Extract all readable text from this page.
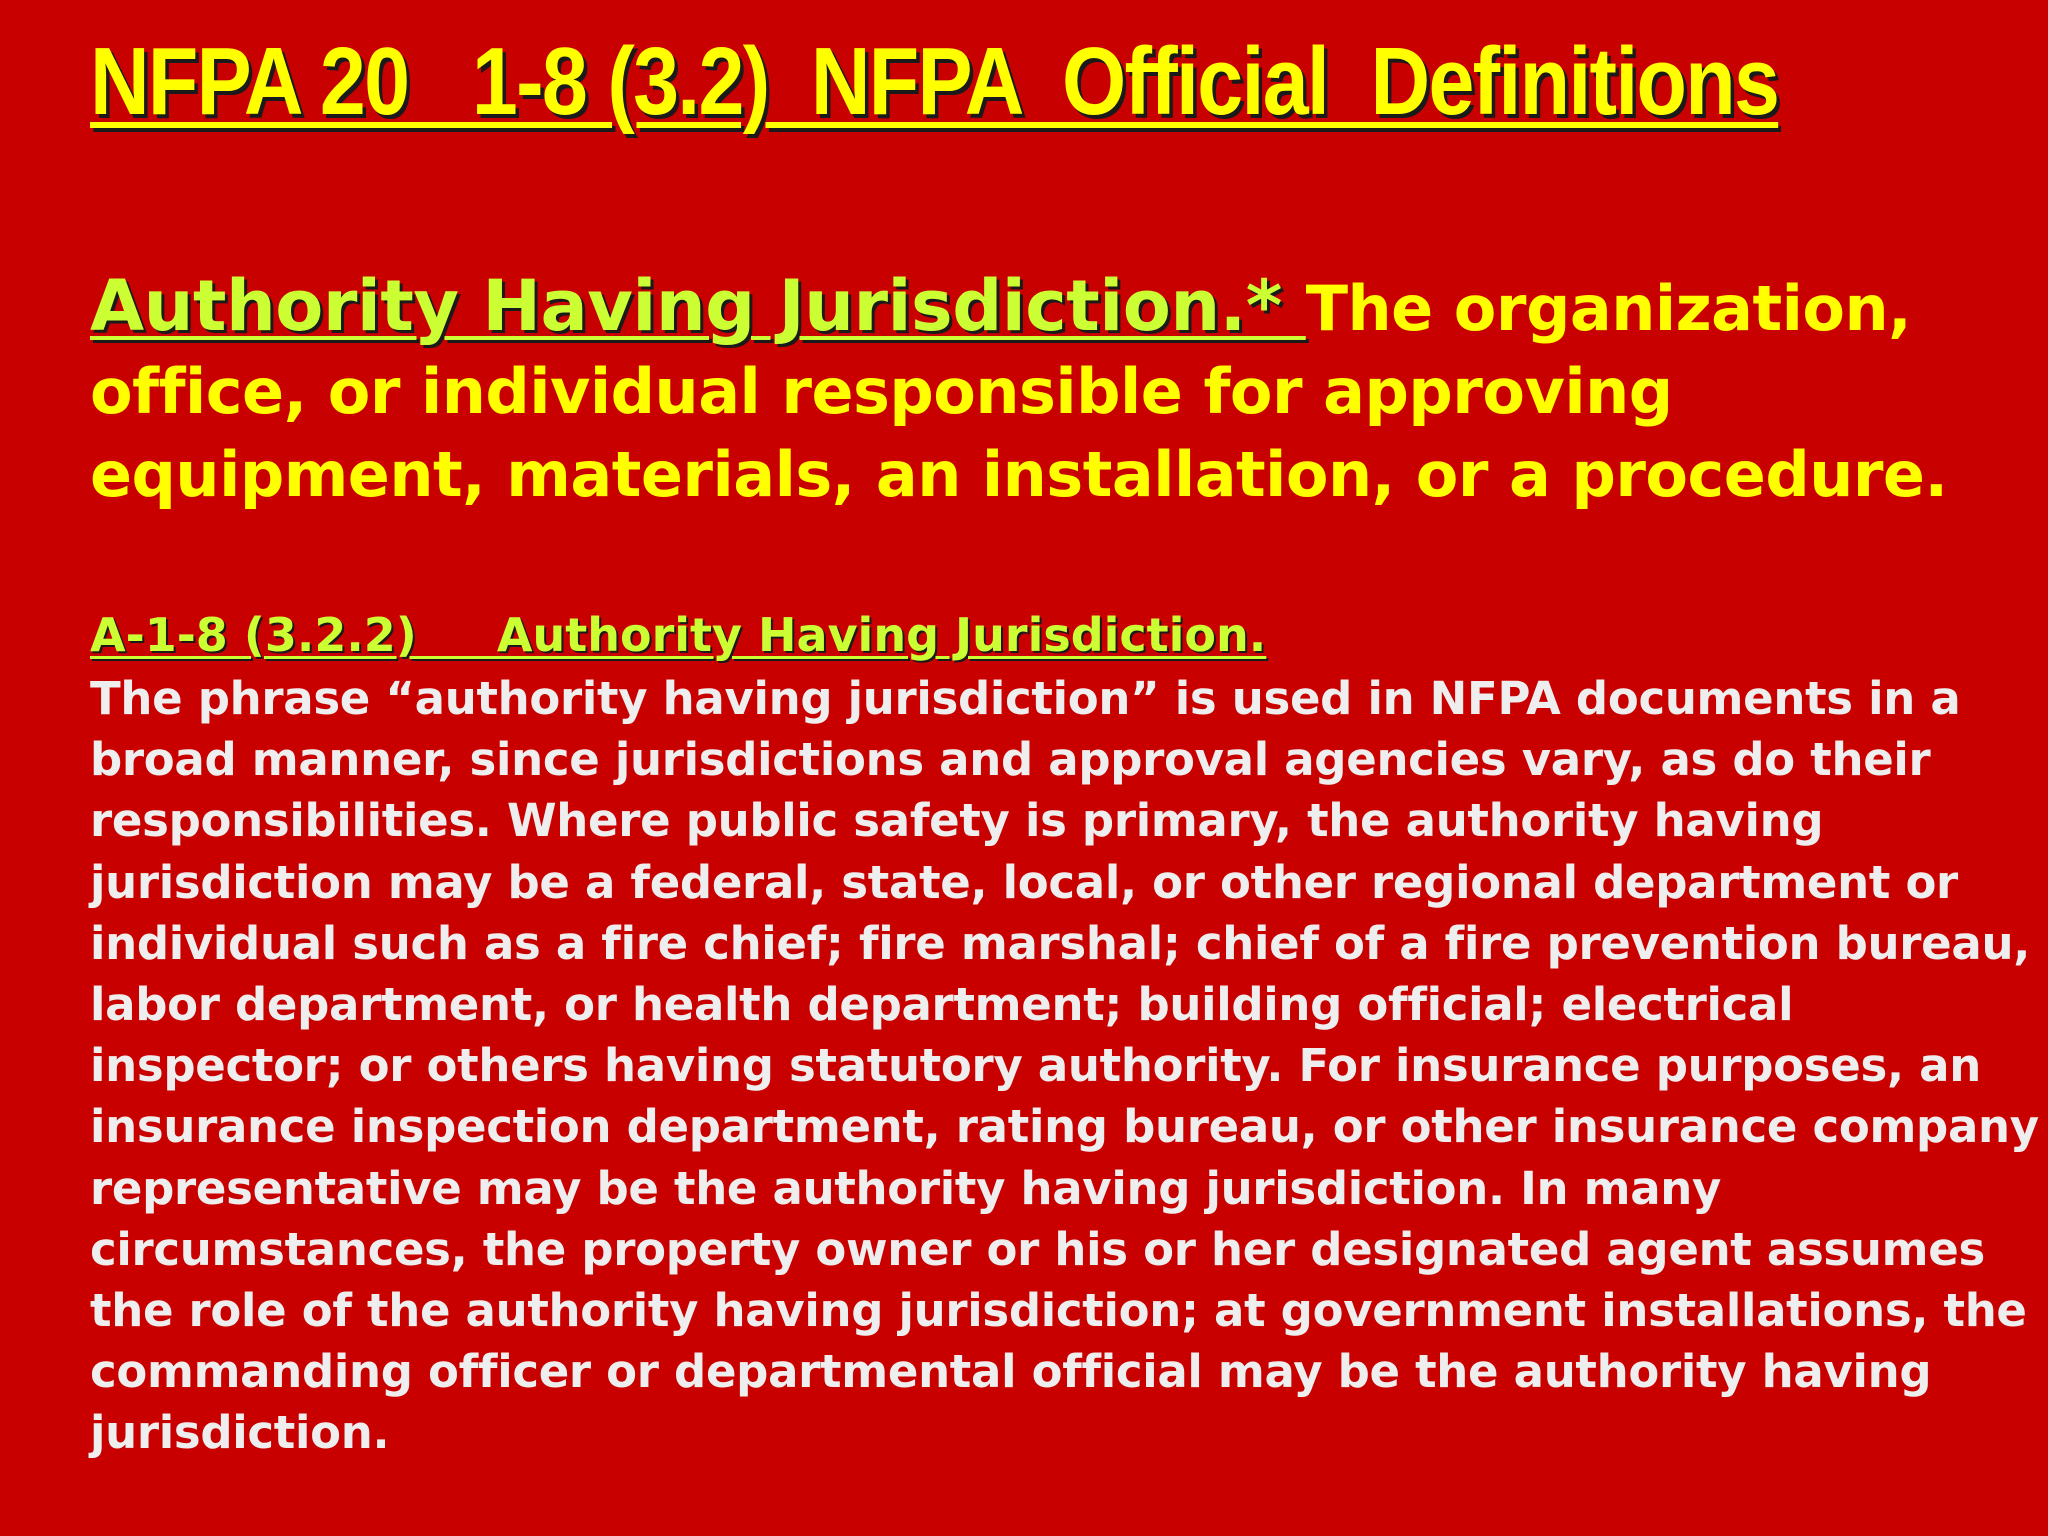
NFPA 20   1-8 (3.2)  NFPA  Official  Definitions

Authority Having Jurisdiction.* The organization, office, or individual responsible for approving equipment, materials, an installation, or a procedure.

A-1-8 (3.2.2)     Authority Having Jurisdiction.

The phrase “authority having jurisdiction” is used in NFPA documents in a broad manner, since jurisdictions and approval agencies vary, as do their responsibilities. Where public safety is primary, the authority having jurisdiction may be a federal, state, local, or other regional department or individual such as a fire chief; fire marshal; chief of a fire prevention bureau, labor department, or health department; building official; electrical inspector; or others having statutory authority. For insurance purposes, an insurance inspection department, rating bureau, or other insurance company representative may be the authority having jurisdiction. In many circumstances, the property owner or his or her designated agent assumes the role of the authority having jurisdiction; at government installations, the commanding officer or departmental official may be the authority having jurisdiction.
